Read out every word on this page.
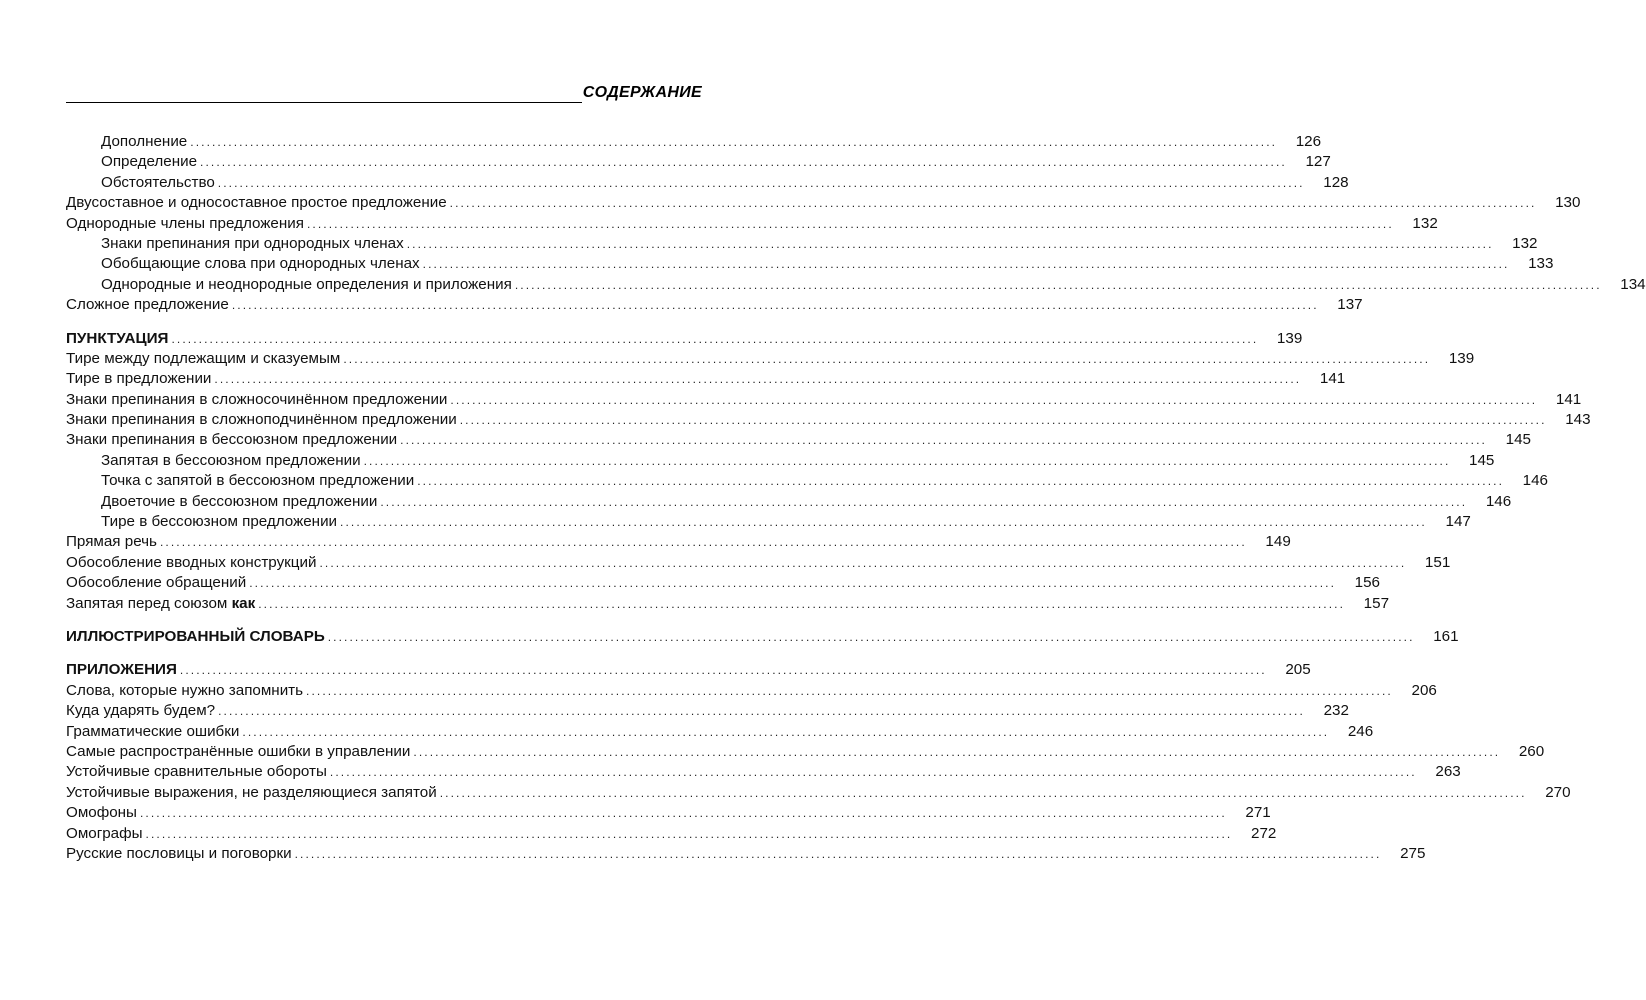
СОДЕРЖАНИЕ
Дополнение ........................................................................................................................................................................................................	126
Определение ........................................................................................................................................................................................................	127
Обстоятельство ........................................................................................................................................................................................................	128
Двусоставное и односоставное простое предложение ........................................................................................................................................................................................................	130
Однородные члены предложения ........................................................................................................................................................................................................	132
Знаки препинания при однородных членах ........................................................................................................................................................................................................	132
Обобщающие слова при однородных членах ........................................................................................................................................................................................................	133
Однородные и неоднородные определения и приложения ........................................................................................................................................................................................................	134
Сложное предложение ........................................................................................................................................................................................................	137
ПУНКТУАЦИЯ ........................................................................................................................................................................................................	139
Тире между подлежащим и сказуемым ........................................................................................................................................................................................................	139
Тире в предложении ........................................................................................................................................................................................................	141
Знаки препинания в сложносочинённом предложении ........................................................................................................................................................................................................	141
Знаки препинания в сложноподчинённом предложении ........................................................................................................................................................................................................	143
Знаки препинания в бессоюзном предложении ........................................................................................................................................................................................................	145
Запятая в бессоюзном предложении ........................................................................................................................................................................................................	145
Точка с запятой в бессоюзном предложении ........................................................................................................................................................................................................	146
Двоеточие в бессоюзном предложении ........................................................................................................................................................................................................	146
Тире в бессоюзном предложении ........................................................................................................................................................................................................	147
Прямая речь ........................................................................................................................................................................................................	149
Обособление вводных конструкций ........................................................................................................................................................................................................	151
Обособление обращений ........................................................................................................................................................................................................	156
Запятая перед союзом как ........................................................................................................................................................................................................	157
ИЛЛЮСТРИРОВАННЫЙ СЛОВАРЬ ........................................................................................................................................................................................................	161
ПРИЛОЖЕНИЯ ........................................................................................................................................................................................................	205
Слова, которые нужно запомнить ........................................................................................................................................................................................................	206
Куда ударять будем? ........................................................................................................................................................................................................	232
Грамматические ошибки ........................................................................................................................................................................................................	246
Самые распространённые ошибки в управлении ........................................................................................................................................................................................................	260
Устойчивые сравнительные обороты ........................................................................................................................................................................................................	263
Устойчивые выражения, не разделяющиеся запятой ........................................................................................................................................................................................................	270
Омофоны ........................................................................................................................................................................................................	271
Омографы ........................................................................................................................................................................................................	272
Русские пословицы и поговорки ........................................................................................................................................................................................................	275
